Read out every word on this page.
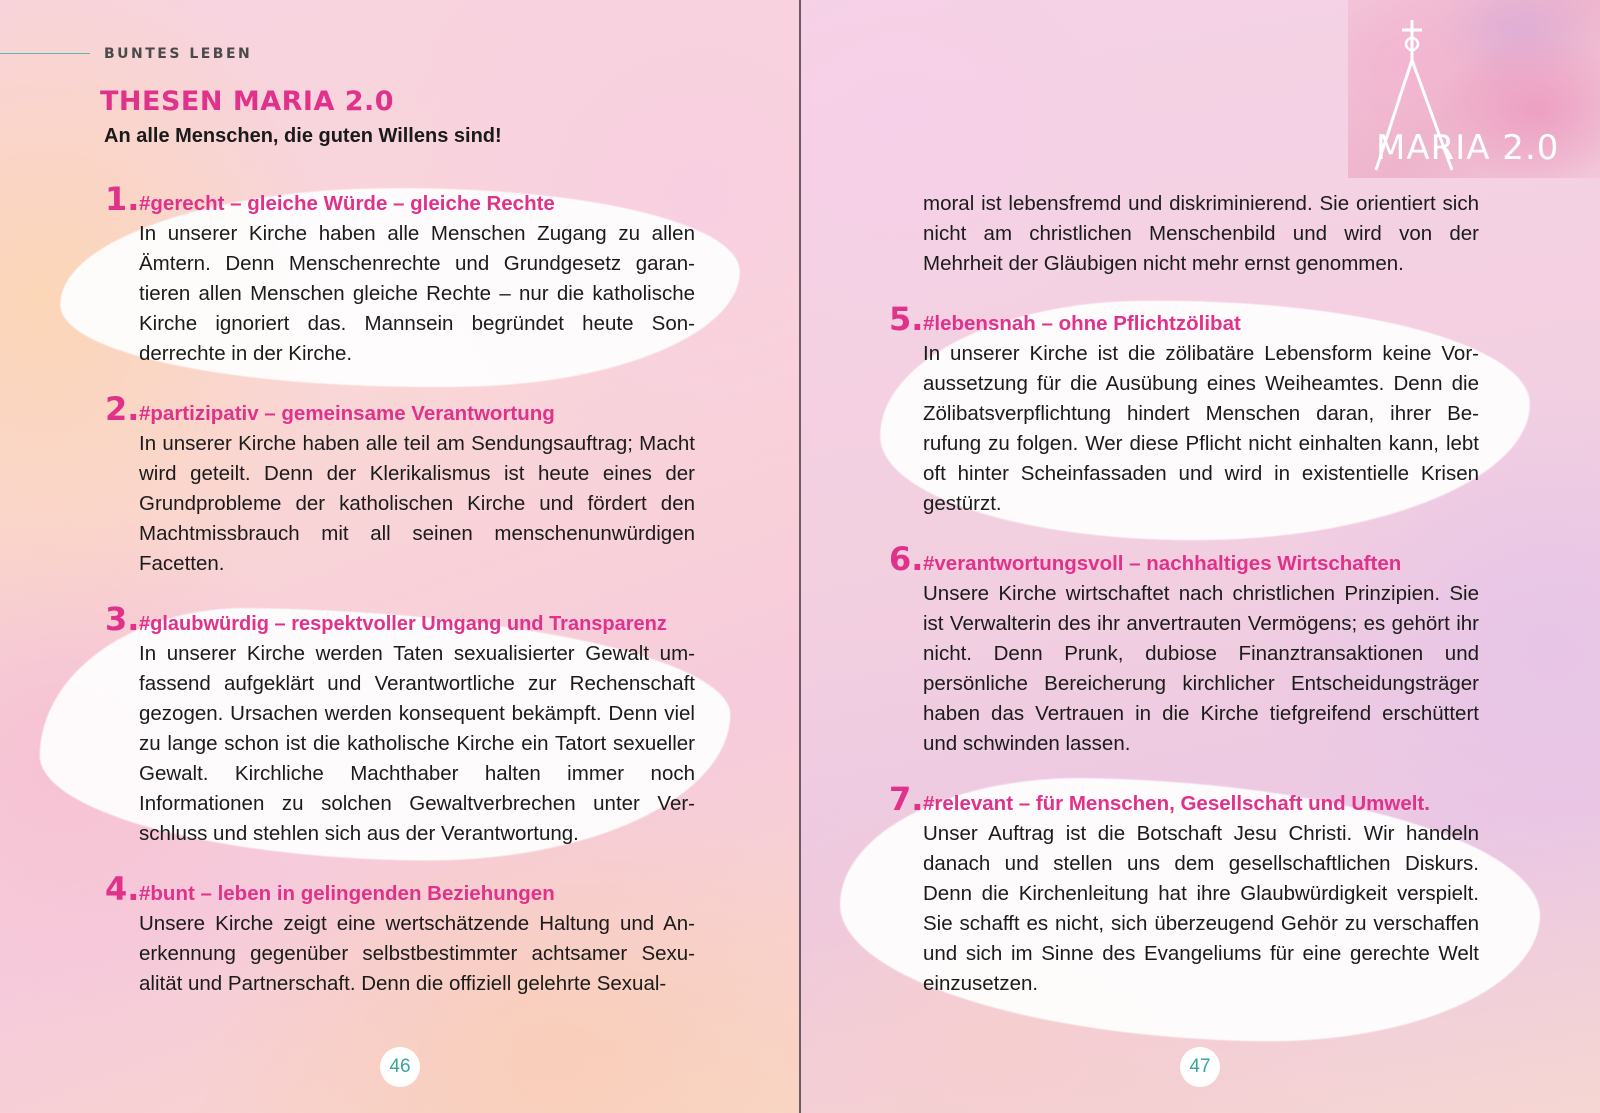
BUNTES LEBEN
THESEN MARIA 2.0
An alle Menschen, die guten Willens sind!
1. #gerecht – gleiche Würde – gleiche Rechte
In unserer Kirche haben alle Menschen Zugang zu allen Ämtern. Denn Menschenrechte und Grundgesetz garantieren allen Menschen gleiche Rechte – nur die katholische Kirche ignoriert das. Mannsein begründet heute Sonderrechte in der Kirche.
2. #partizipativ – gemeinsame Verantwortung
In unserer Kirche haben alle teil am Sendungsauftrag; Macht wird geteilt. Denn der Klerikalismus ist heute eines der Grundprobleme der katholischen Kirche und fördert den Machtmissbrauch mit all seinen menschenunwürdigen Facetten.
3. #glaubwürdig – respektvoller Umgang und Transparenz
In unserer Kirche werden Taten sexualisierter Gewalt umfassend aufgeklärt und Verantwortliche zur Rechenschaft gezogen. Ursachen werden konsequent bekämpft. Denn viel zu lange schon ist die katholische Kirche ein Tatort sexueller Gewalt. Kirchliche Machthaber halten immer noch Informationen zu solchen Gewaltverbrechen unter Verschluss und stehlen sich aus der Verantwortung.
4. #bunt – leben in gelingenden Beziehungen
Unsere Kirche zeigt eine wertschätzende Haltung und Anerkennung gegenüber selbstbestimmter achtsamer Sexualität und Partnerschaft. Denn die offiziell gelehrte Sexual-
46
MARIA 2.0
moral ist lebensfremd und diskriminierend. Sie orientiert sich nicht am christlichen Menschenbild und wird von der Mehrheit der Gläubigen nicht mehr ernst genommen.
5. #lebensnah – ohne Pflichtzölibat
In unserer Kirche ist die zölibatäre Lebensform keine Voraussetzung für die Ausübung eines Weiheamtes. Denn die Zölibatsverpflichtung hindert Menschen daran, ihrer Berufung zu folgen. Wer diese Pflicht nicht einhalten kann, lebt oft hinter Scheinfassaden und wird in existentielle Krisen gestürzt.
6. #verantwortungsvoll – nachhaltiges Wirtschaften
Unsere Kirche wirtschaftet nach christlichen Prinzipien. Sie ist Verwalterin des ihr anvertrauten Vermögens; es gehört ihr nicht. Denn Prunk, dubiose Finanztransaktionen und persönliche Bereicherung kirchlicher Entscheidungsträger haben das Vertrauen in die Kirche tiefgreifend erschüttert und schwinden lassen.
7. #relevant – für Menschen, Gesellschaft und Umwelt.
Unser Auftrag ist die Botschaft Jesu Christi. Wir handeln danach und stellen uns dem gesellschaftlichen Diskurs. Denn die Kirchenleitung hat ihre Glaubwürdigkeit verspielt. Sie schafft es nicht, sich überzeugend Gehör zu verschaffen und sich im Sinne des Evangeliums für eine gerechte Welt einzusetzen.
47
